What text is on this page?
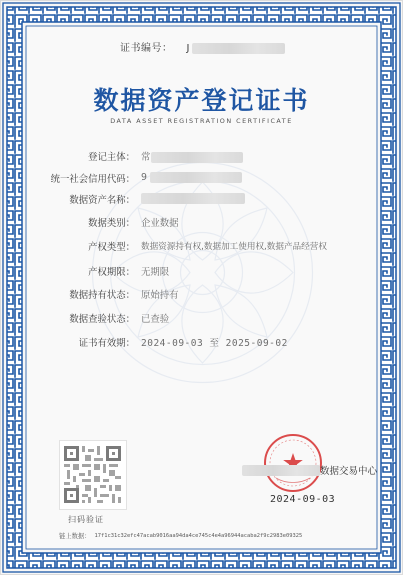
证书编号： J
数据资产登记证书
DATA ASSET REGISTRATION CERTIFICATE
登记主体： 常
统一社会信用代码： 9
数据资产名称：
数据类别： 企业数据
产权类型： 数据资源持有权,数据加工使用权,数据产品经营权
产权期限： 无期限
数据持有状态： 原始持有
数据查验状态： 已查验
证书有效期： 2024-09-03 至 2025-09-02
扫码验证
数据交易中心
2024-09-03
链上数据： 17f1c31c32efc47acab9016aa94da4ce745c4e4a96944acaba2f9c2983e09325
